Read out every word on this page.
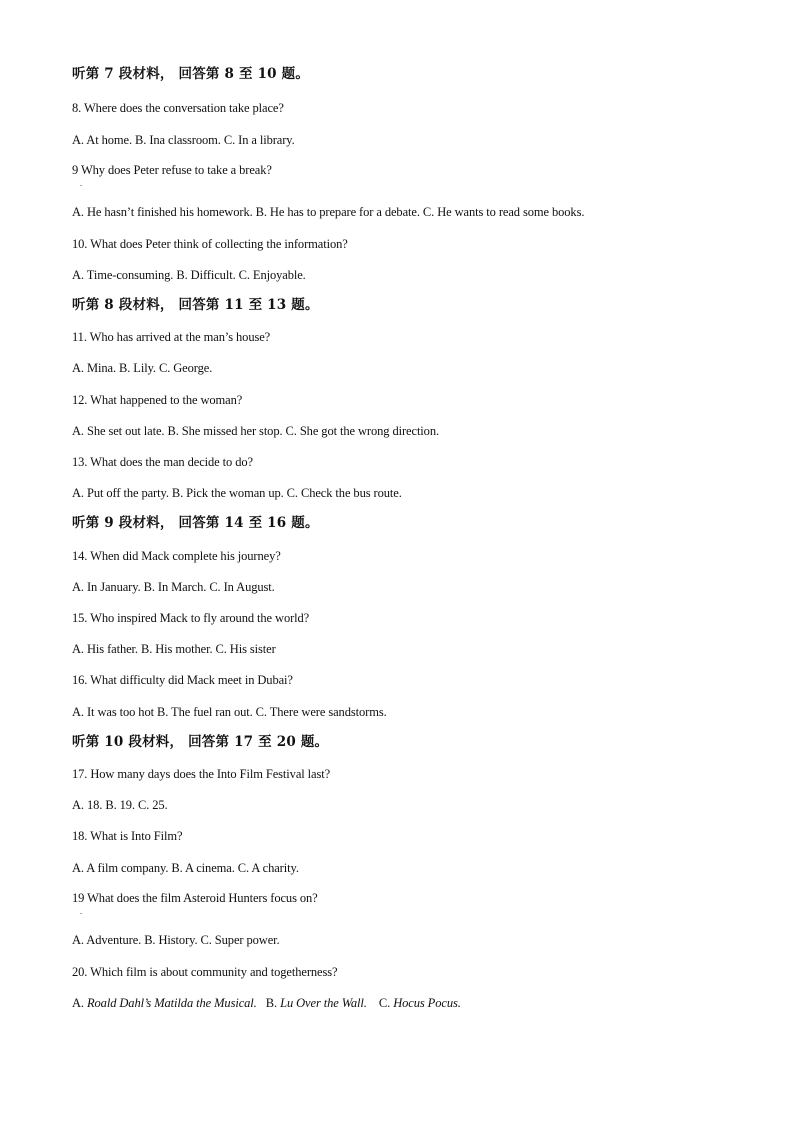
听第 7 段材料， 回答第 8 至 10 题。
8. Where does the conversation take place?
A. At home. B. Ina classroom. C. In a library.
9 Why does Peter refuse to take a break?
.
A. He hasn’t finished his homework. B. He has to prepare for a debate. C. He wants to read some books.
10. What does Peter think of collecting the information?
A. Time-consuming. B. Difficult. C. Enjoyable.
听第 8 段材料， 回答第 11 至 13 题。
11. Who has arrived at the man’s house?
A. Mina. B. Lily. C. George.
12. What happened to the woman?
A. She set out late. B. She missed her stop. C. She got the wrong direction.
13. What does the man decide to do?
A. Put off the party. B. Pick the woman up. C. Check the bus route.
听第 9 段材料， 回答第 14 至 16 题。
14. When did Mack complete his journey?
A. In January. B. In March. C. In August.
15. Who inspired Mack to fly around the world?
A. His father. B. His mother. C. His sister
16. What difficulty did Mack meet in Dubai?
A. It was too hot B. The fuel ran out. C. There were sandstorms.
听第 10 段材料， 回答第 17 至 20 题。
17. How many days does the Into Film Festival last?
A. 18. B. 19. C. 25.
18. What is Into Film?
A. A film company. B. A cinema. C. A charity.
19 What does the film Asteroid Hunters focus on?
.
A. Adventure. B. History. C. Super power.
20. Which film is about community and togetherness?
A. Roald Dahl’s Matilda the Musical.   B. Lu Over the Wall.    C. Hocus Pocus.
